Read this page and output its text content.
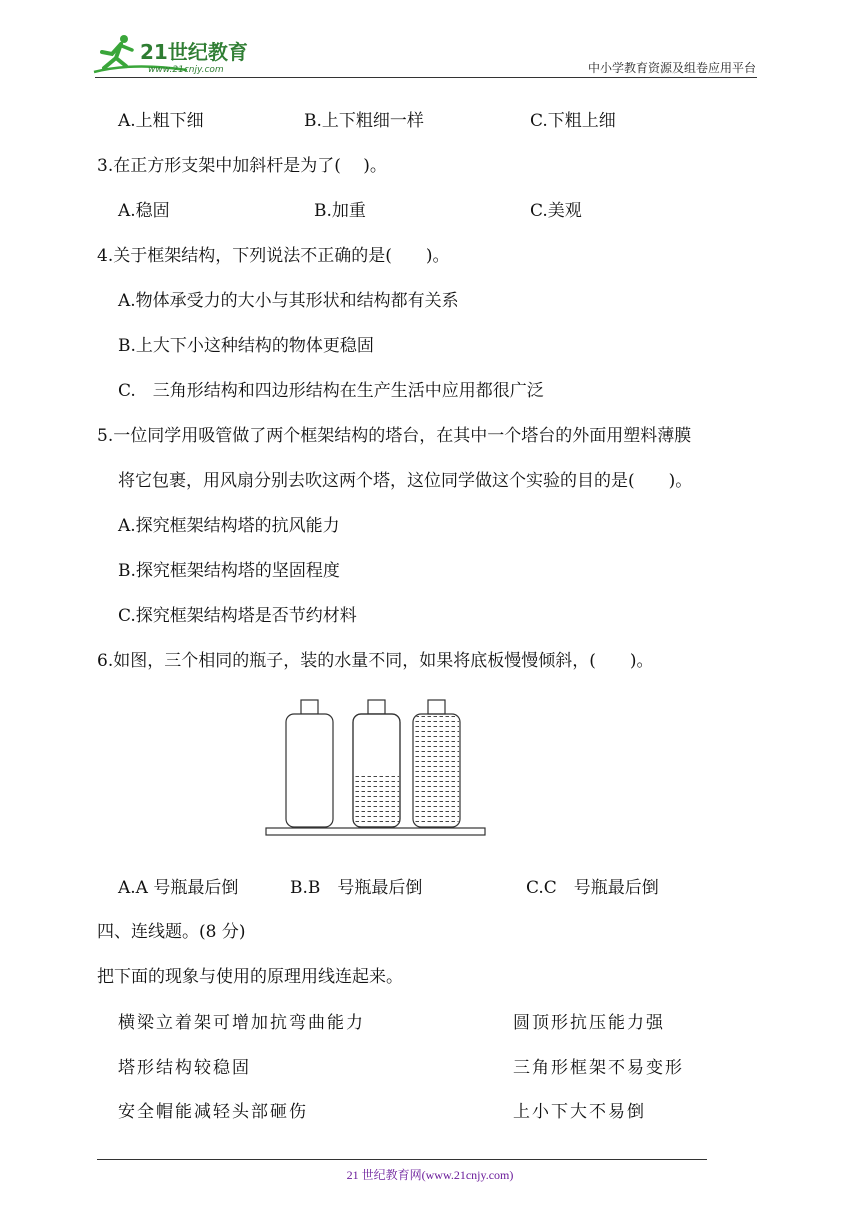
21世纪教育
www.21cnjy.com	中小学教育资源及组卷应用平台
A.上粗下细	B.上下粗细一样	C.下粗上细
3.在正方形支架中加斜杆是为了(　 )。
A.稳固	B.加重	C.美观
4.关于框架结构，下列说法不正确的是(　　)。
A.物体承受力的大小与其形状和结构都有关系
B.上大下小这种结构的物体更稳固
C.　三角形结构和四边形结构在生产生活中应用都很广泛
5.一位同学用吸管做了两个框架结构的塔台，在其中一个塔台的外面用塑料薄膜
将它包裹，用风扇分别去吹这两个塔，这位同学做这个实验的目的是(　　)。
A.探究框架结构塔的抗风能力
B.探究框架结构塔的坚固程度
C.探究框架结构塔是否节约材料
6.如图，三个相同的瓶子，装的水量不同，如果将底板慢慢倾斜，(　　)。
A.A 号瓶最后倒	B.B　号瓶最后倒	C.C　号瓶最后倒
四、连线题。(8 分)
把下面的现象与使用的原理用线连起来。
横梁立着架可增加抗弯曲能力
塔形结构较稳固
安全帽能减轻头部砸伤
圆顶形抗压能力强
三角形框架不易变形
上小下大不易倒
21 世纪教育网(www.21cnjy.com)
